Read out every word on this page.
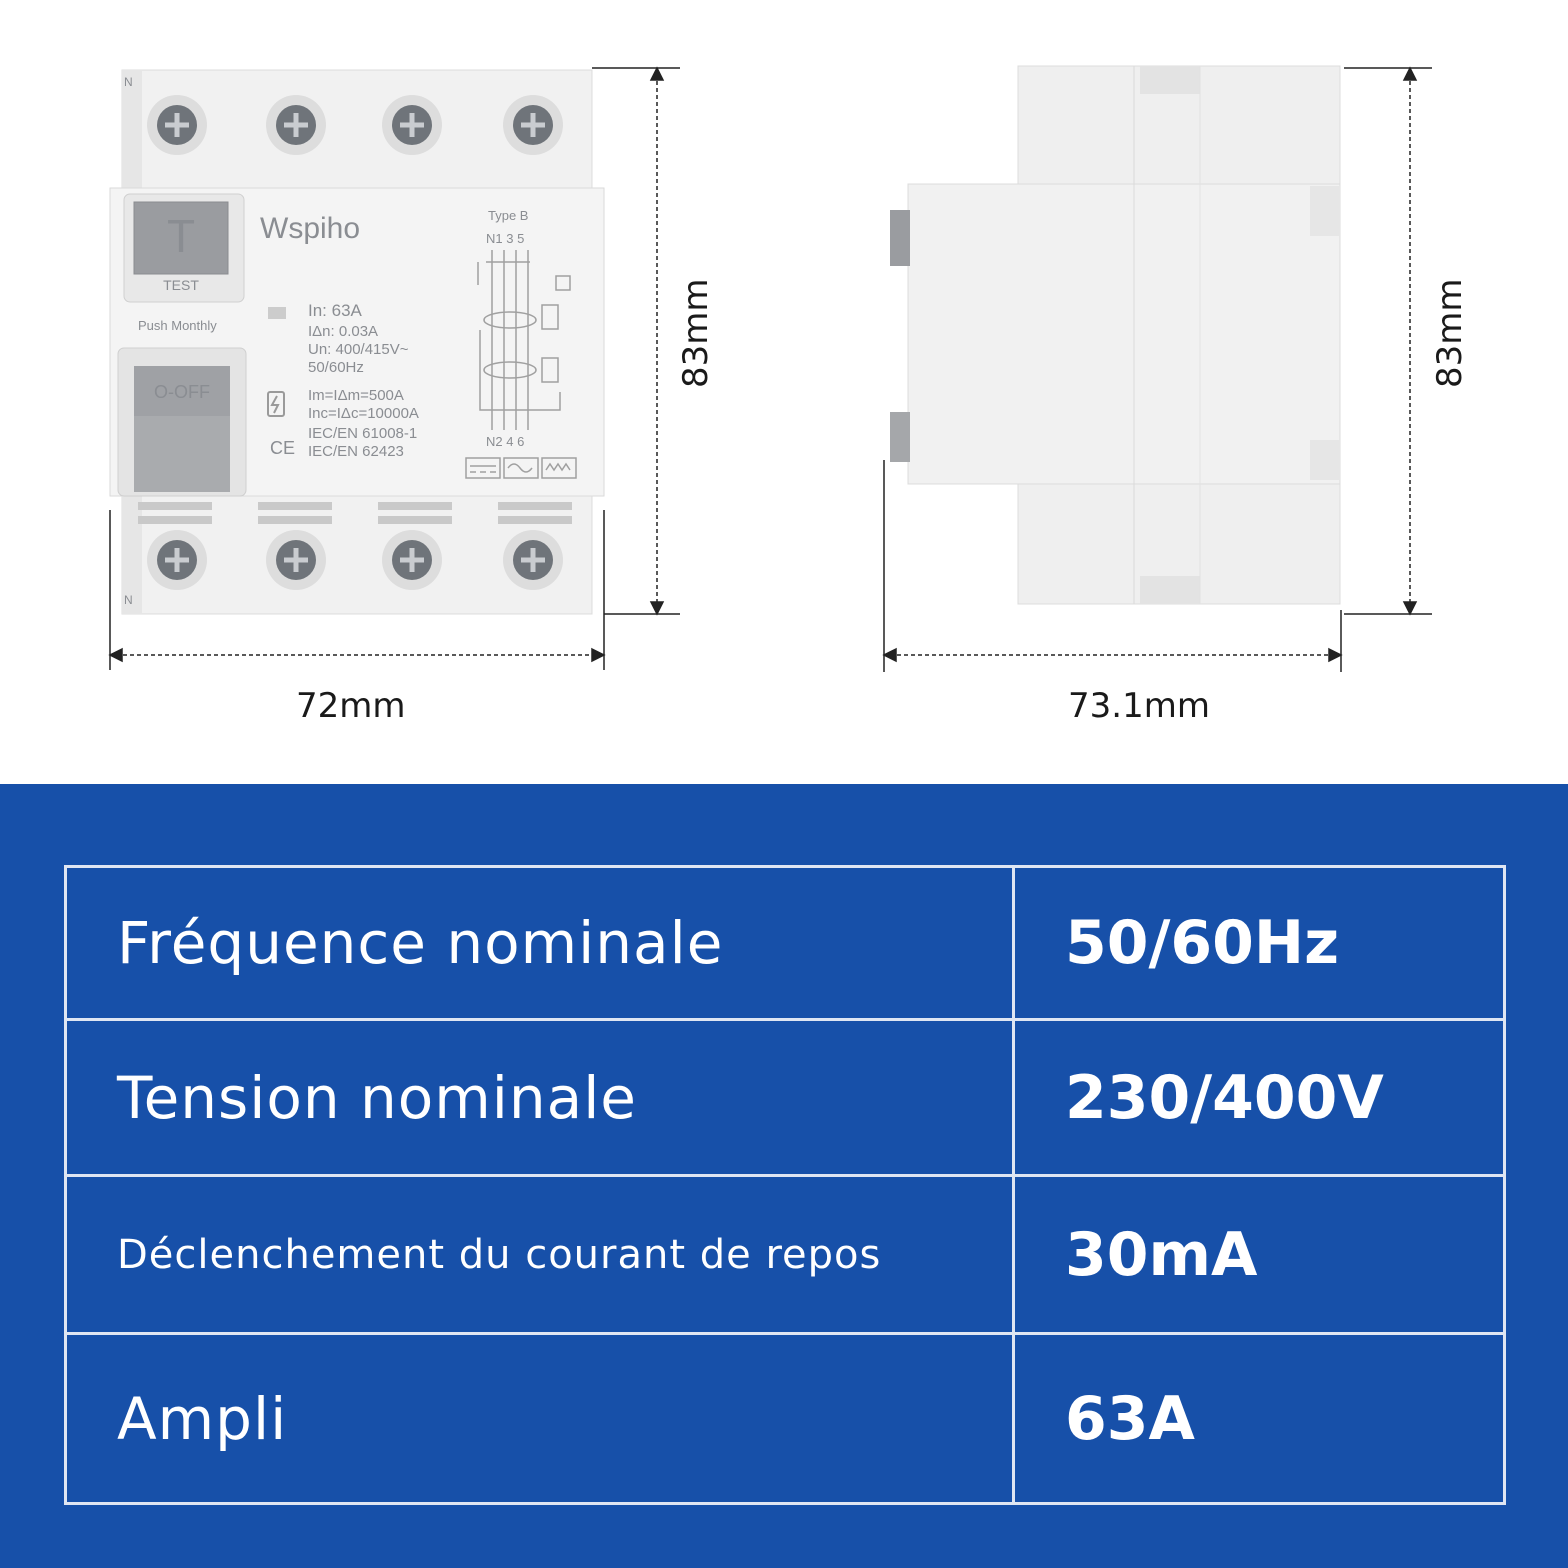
T
TEST
Push Monthly
O-OFF
Wspiho
In: 63A
IΔn: 0.03A
Un: 400/415V~
50/60Hz
Im=IΔm=500A
Inc=IΔc=10000A
IEC/EN 61008-1
IEC/EN 62423
CE
Type B
N1 3 5
N2 4 6
N
N
72mm
83mm
73.1mm
83mm
Fréquence nominale	50/60Hz
Tension nominale	230/400V
Déclenchement du courant de repos	30mA
Ampli	63A
